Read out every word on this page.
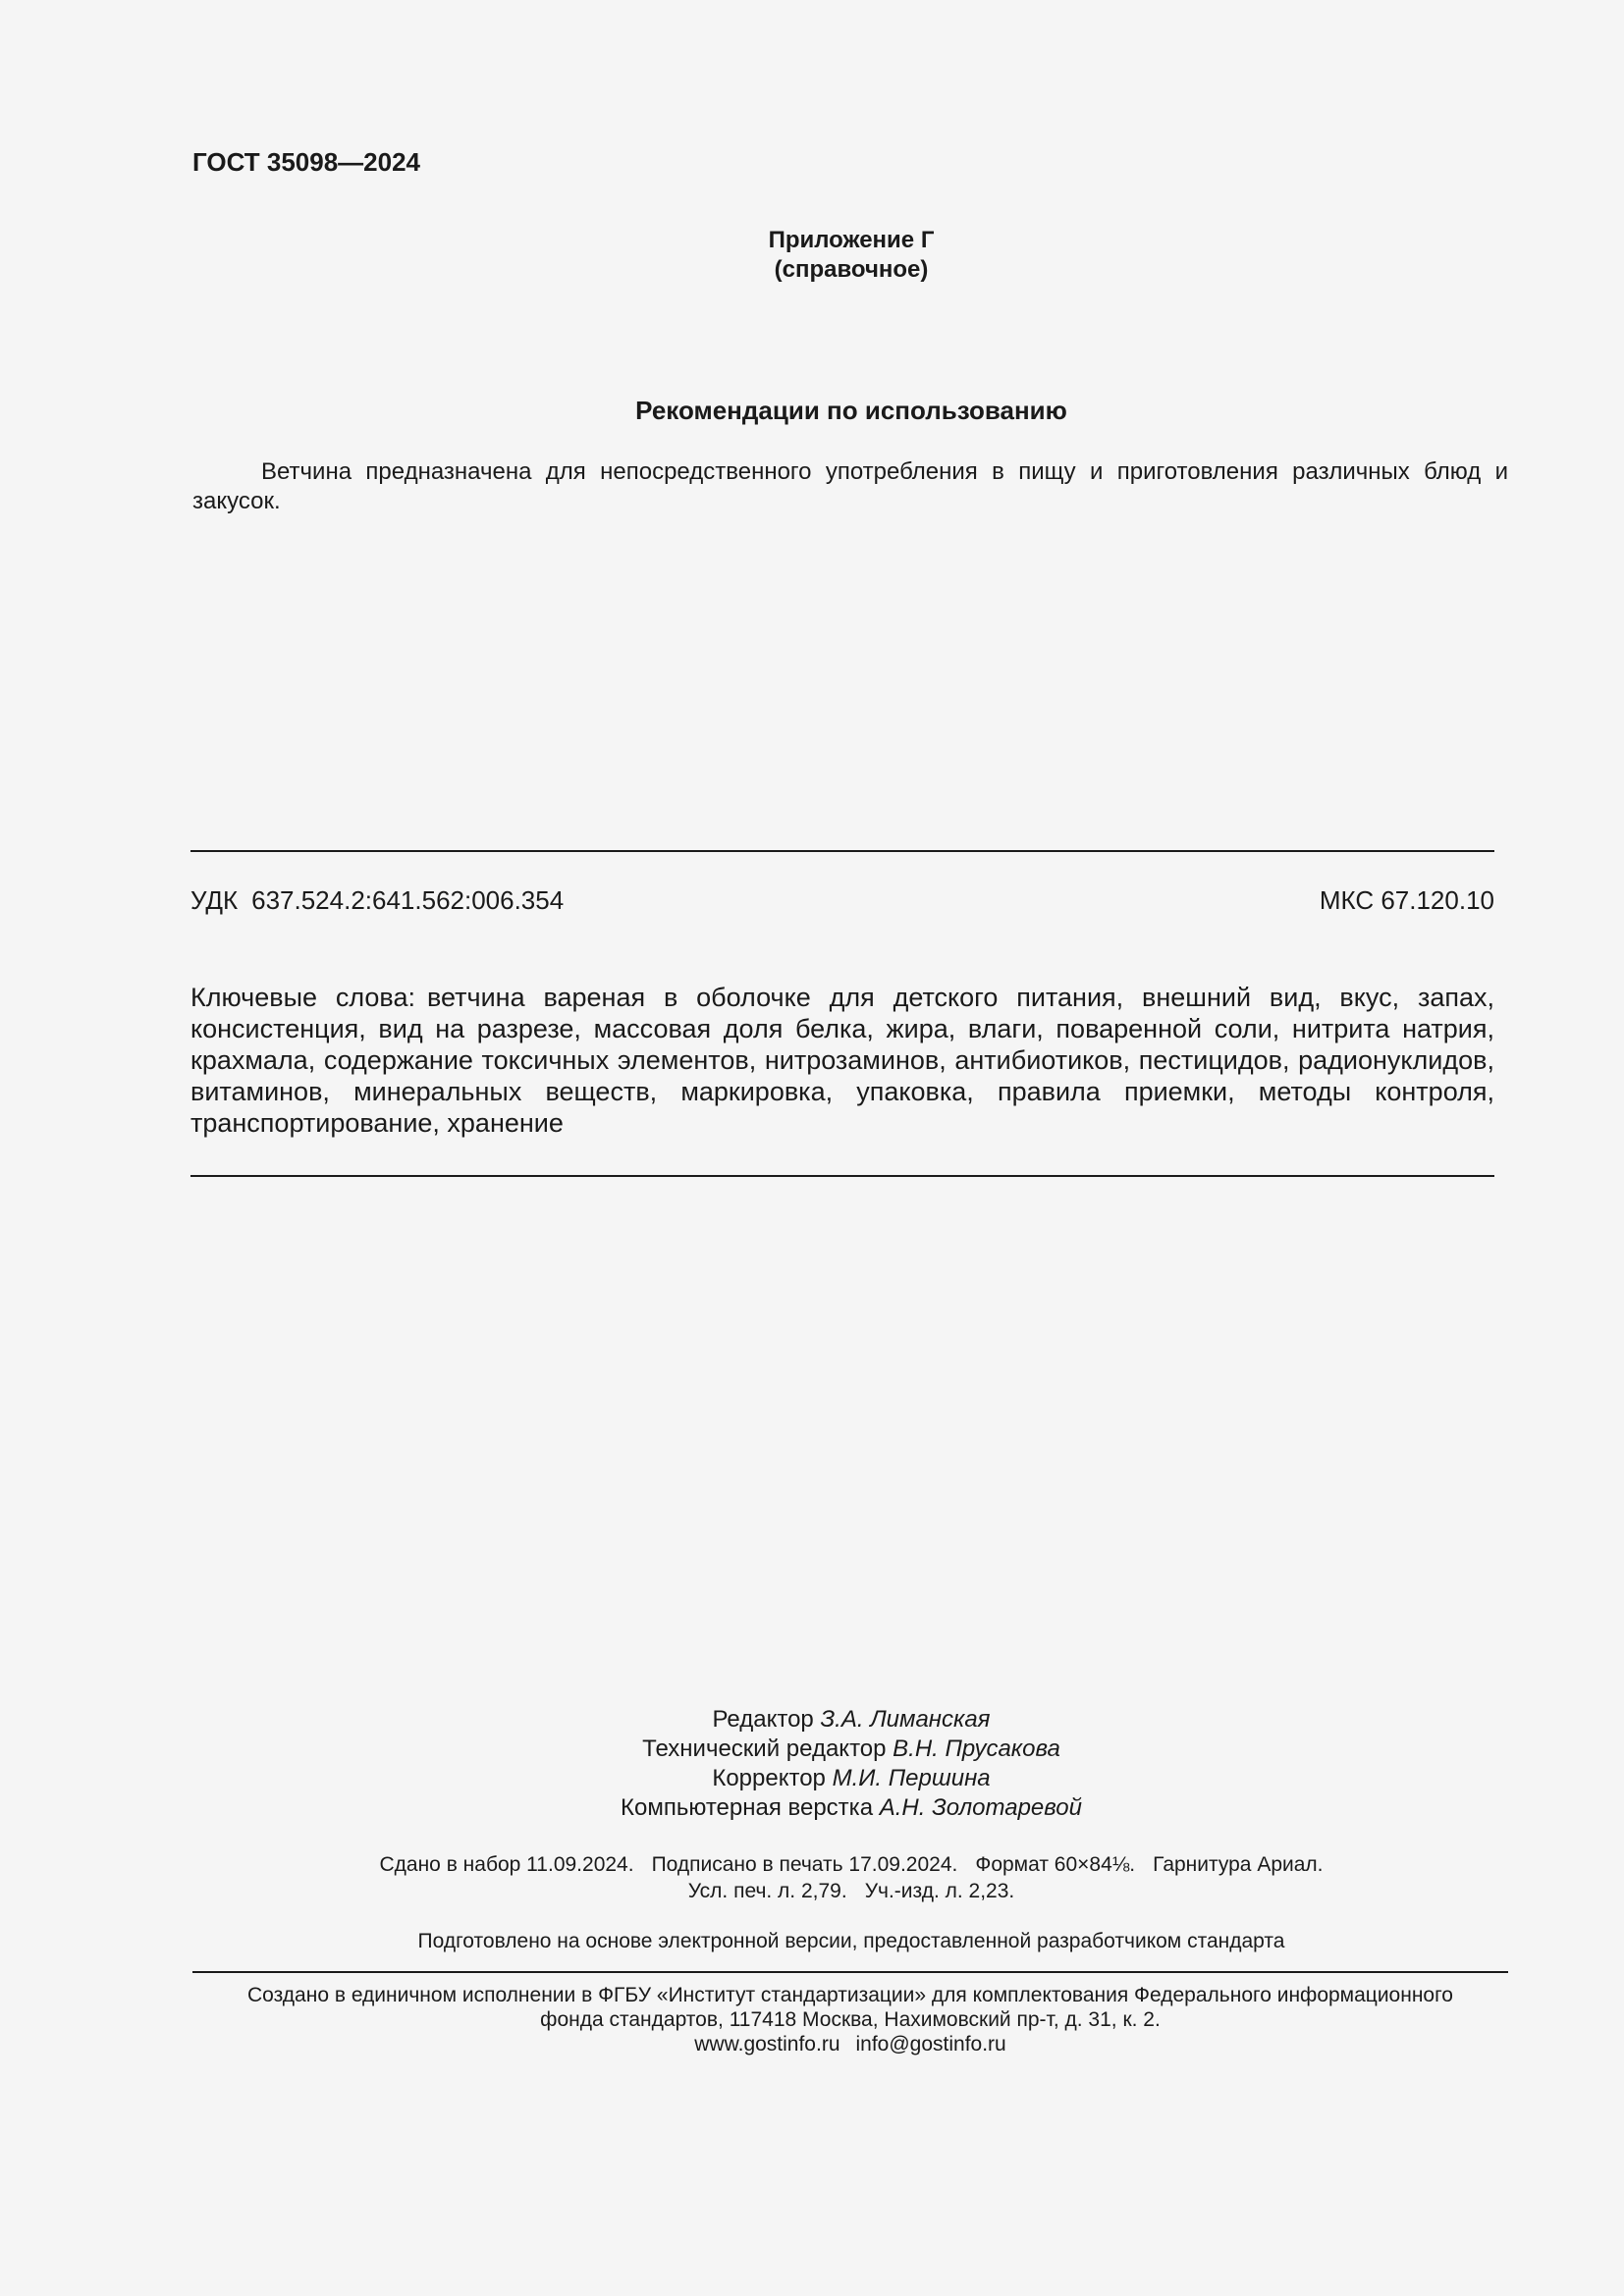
ГОСТ 35098—2024
Приложение Г
(справочное)
Рекомендации по использованию
Ветчина предназначена для непосредственного употребления в пищу и приготовления различных блюд и закусок.
УДК 637.524.2:641.562:006.354	МКС 67.120.10
Ключевые слова: ветчина вареная в оболочке для детского питания, внешний вид, вкус, запах, консистенция, вид на разрезе, массовая доля белка, жира, влаги, поваренной соли, нитрита натрия, крахмала, содержание токсичных элементов, нитрозаминов, антибиотиков, пестицидов, радионуклидов, витаминов, минеральных веществ, маркировка, упаковка, правила приемки, методы контроля, транспортирование, хранение
Редактор З.А. Лиманская
Технический редактор В.Н. Прусакова
Корректор М.И. Першина
Компьютерная верстка А.Н. Золотаревой
Сдано в набор 11.09.2024. Подписано в печать 17.09.2024. Формат 60×84⅛. Гарнитура Ариал.
Усл. печ. л. 2,79. Уч.-изд. л. 2,23.
Подготовлено на основе электронной версии, предоставленной разработчиком стандарта
Создано в единичном исполнении в ФГБУ «Институт стандартизации» для комплектования Федерального информационного
фонда стандартов, 117418 Москва, Нахимовский пр-т, д. 31, к. 2.
www.gostinfo.ru info@gostinfo.ru
